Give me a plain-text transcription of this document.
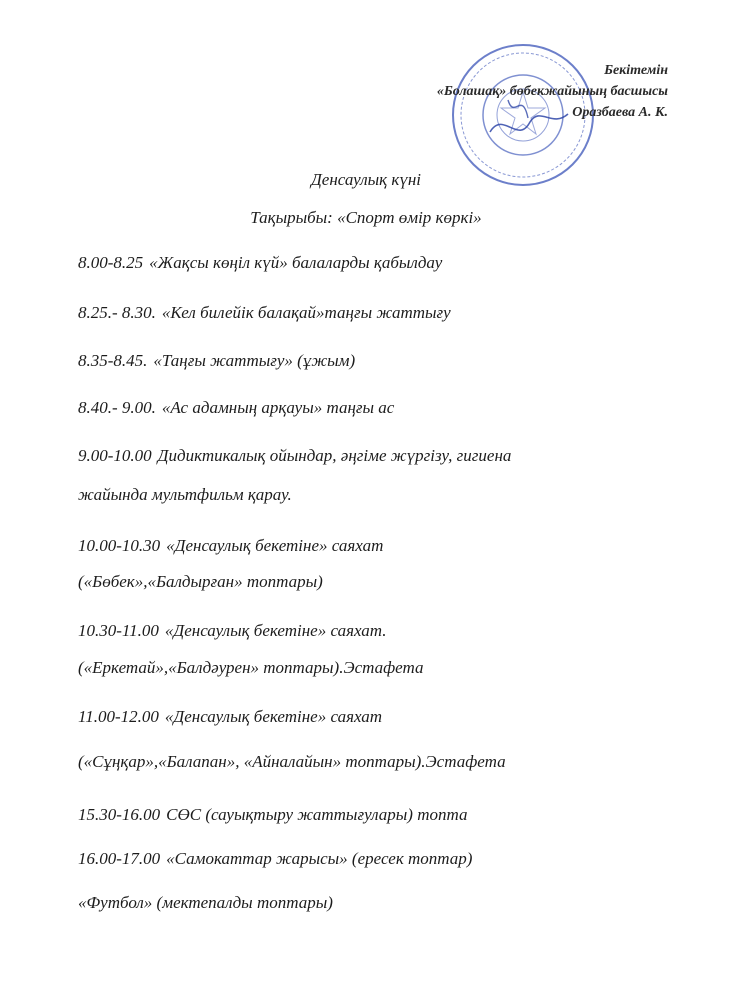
Бекітемін
«Болашақ» бөбекжайының басшысы
Оразбаева А. К.
Денсаулық күні
Тақырыбы: «Спорт өмір көркі»
8.00-8.25 «Жақсы көңіл күй» балаларды қабылдау
8.25.- 8.30. «Кел билейік балақай»таңғы жаттығу
8.35-8.45. «Таңғы жаттығу» (ұжым)
8.40.- 9.00. «Ас адамның арқауы» таңғы ас
9.00-10.00 Дидиктикалық ойындар, әңгіме жүргізу, гигиена
жайында мультфильм қарау.
10.00-10.30 «Денсаулық бекетіне» саяхат
(«Бөбек»,«Балдырған» топтары)
10.30-11.00 «Денсаулық бекетіне» саяхат.
(«Еркетай»,«Балдәурен» топтары).Эстафета
11.00-12.00 «Денсаулық бекетіне» саяхат
(«Сұңқар»,«Балапан», «Айналайын» топтары).Эстафета
15.30-16.00 СӨС (сауықтыру жаттығулары) топта
16.00-17.00 «Самокаттар жарысы» (ересек топтар)
«Футбол» (мектепалды топтары)
